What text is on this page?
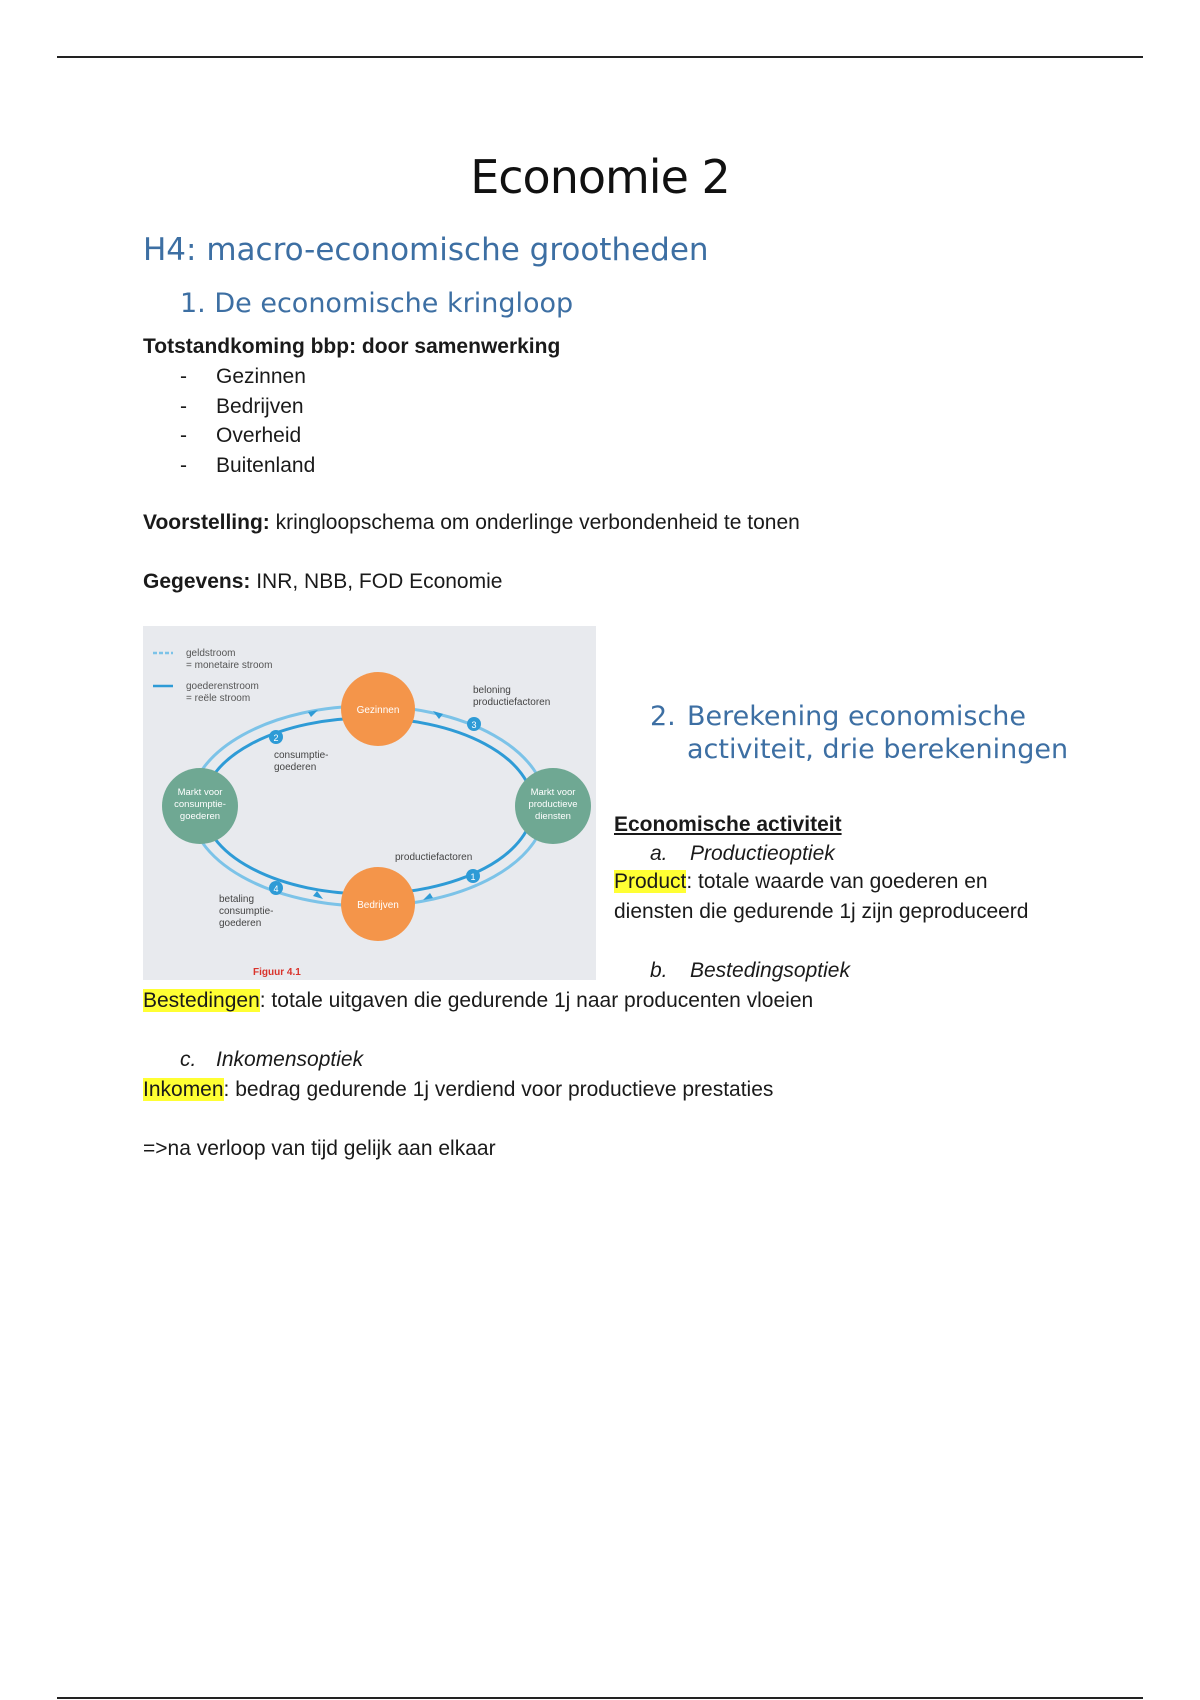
Economie 2
H4: macro-economische grootheden
1. De economische kringloop

Totstandkoming bbp: door samenwerking

- Gezinnen
- Bedrijven
- Overheid
- Buitenland

Voorstelling: kringloopschema om onderlinge verbondenheid te tonen

Gegevens: INR, NBB, FOD Economie

geldstroom
= monetaire stroom
goederenstroom
= reële stroom
Gezinnen
Bedrijven
Markt voor
consumptie-
goederen
Markt voor
productieve
diensten
2
3
1
4
beloning
productiefactoren
consumptie-
goederen
productiefactoren
betaling
consumptie-
goederen
Figuur 4.1
2. Berekening economische activiteit, drie berekeningen

Economische activiteit

a. Productieoptiek

Product: totale waarde van goederen en

diensten die gedurende 1j zijn geproduceerd

b. Bestedingsoptiek

Bestedingen: totale uitgaven die gedurende 1j naar producenten vloeien

c. Inkomensoptiek

Inkomen: bedrag gedurende 1j verdiend voor productieve prestaties

=>na verloop van tijd gelijk aan elkaar
